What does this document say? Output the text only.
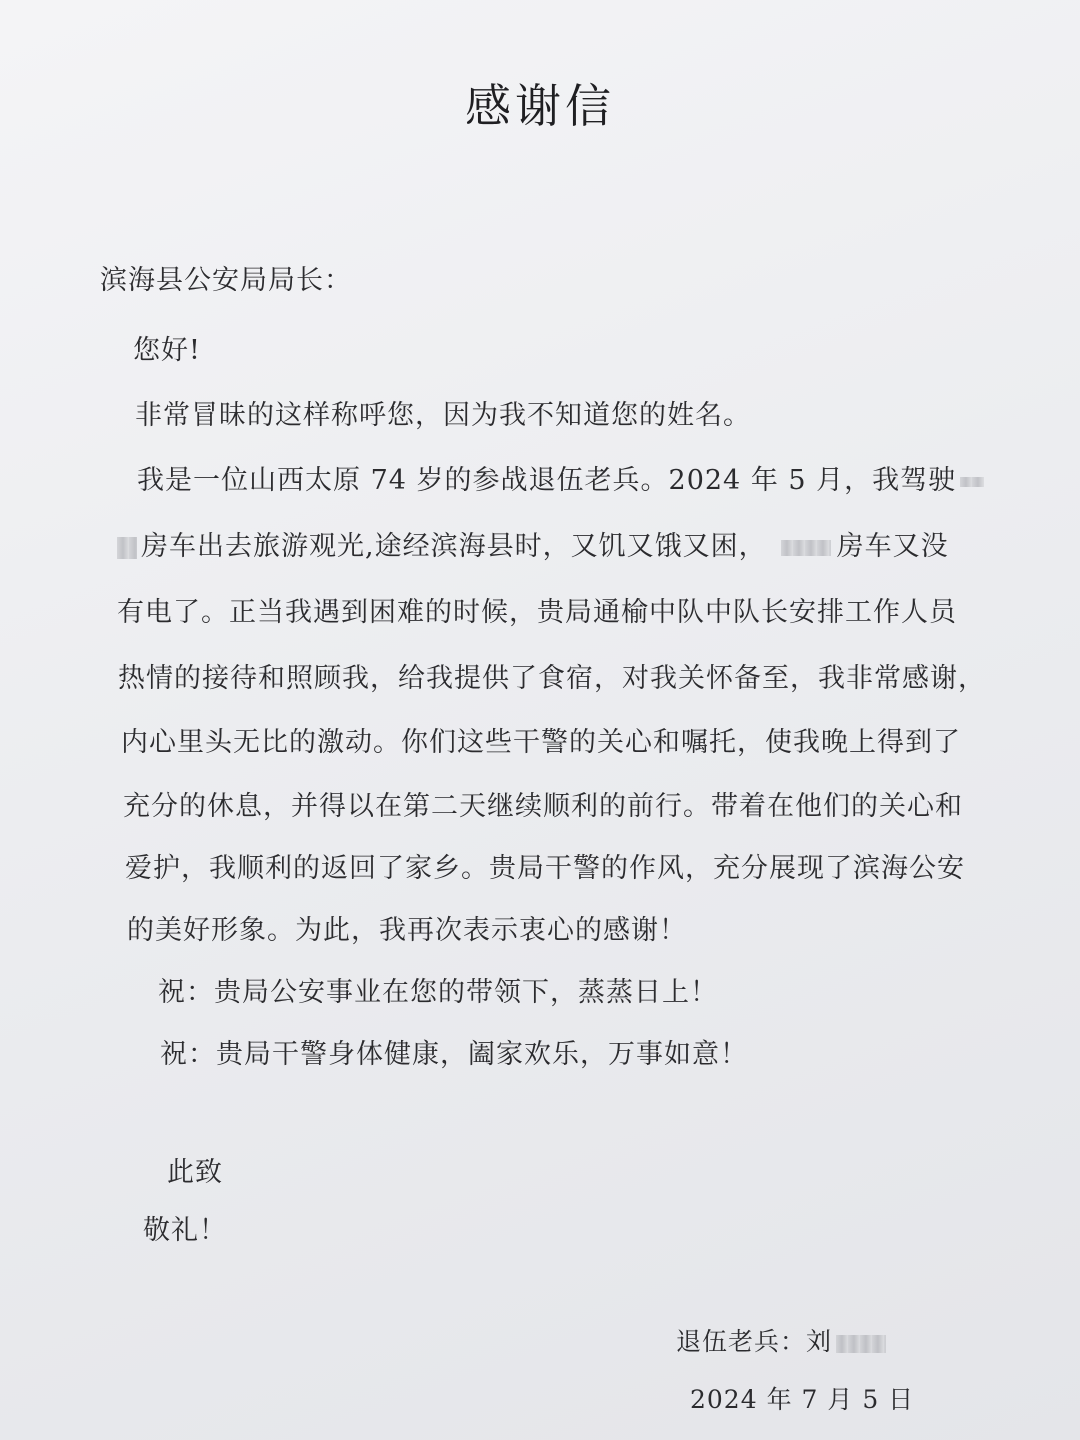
感谢信
滨海县公安局局长：
您好!
非常冒昧的这样称呼您，因为我不知道您的姓名。
我是一位山西太原 74 岁的参战退伍老兵。2024 年 5 月，我驾驶
房车出去旅游观光,途经滨海县时，又饥又饿又困，	房车又没
有电了。正当我遇到困难的时候，贵局通榆中队中队长安排工作人员
热情的接待和照顾我，给我提供了食宿，对我关怀备至，我非常感谢，
内心里头无比的激动。你们这些干警的关心和嘱托，使我晚上得到了
充分的休息，并得以在第二天继续顺利的前行。带着在他们的关心和
爱护，我顺利的返回了家乡。贵局干警的作风，充分展现了滨海公安
的美好形象。为此，我再次表示衷心的感谢！
祝：贵局公安事业在您的带领下，蒸蒸日上！
祝：贵局干警身体健康，阖家欢乐，万事如意！
此致
敬礼！
退伍老兵：刘
2024 年 7 月 5 日
